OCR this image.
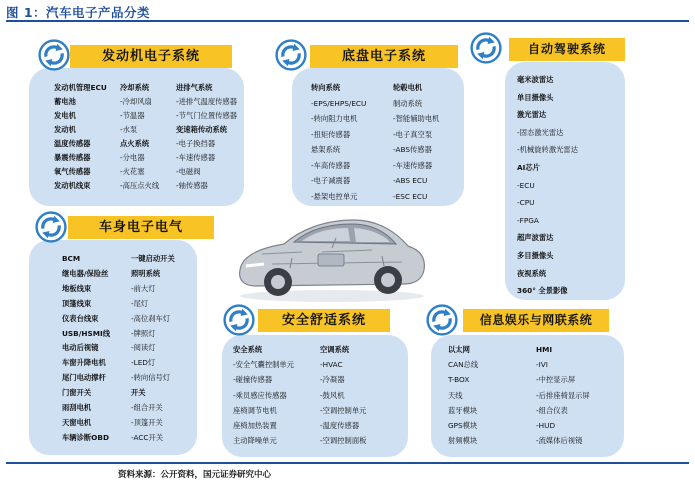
图 1：汽车电子产品分类
发动机电子系统
发动机管理ECU
蓄电池
发电机
发动机
温度传感器
暴震传感器
氧气传感器
发动机线束
冷却系统
-冷却风扇
-节温器
-水泵
点火系统
-分电器
-火花塞
-高压点火线
进排气系统
-进排气温度传感器
-节气门位置传感器
变速箱传动系统
-电子换挡器
-车速传感器
-电磁阀
-轴传感器
底盘电子系统
转向系统
-EPS/EHPS/ECU
-转向阻力电机
-扭矩传感器
悬架系统
-车高传感器
-电子减震器
-悬架电控单元
轮毂电机
制动系统
-智能辅助电机
-电子真空泵
-ABS传感器
-车速传感器
-ABS ECU
-ESC ECU
自动驾驶系统
毫米波雷达
单目摄像头
激光雷达
-固态激光雷达
-机械旋转激光雷达
AI芯片
-ECU
-CPU
-FPGA
超声波雷达
多目摄像头
夜视系统
360° 全景影像
车身电子电气
BCM
继电器/保险丝
地板线束
顶篷线束
仪表台线束
USB/HSMI线
电动后视镜
车窗升降电机
尾门电动撑杆
门窗开关
雨刮电机
天窗电机
车辆诊断OBD
一键启动开关
照明系统
-前大灯
-尾灯
-高位刹车灯
-牌照灯
-阅读灯
-LED灯
-转向信号灯
开关
-组合开关
-顶篷开关
-ACC开关
安全舒适系统
安全系统
-安全气囊控制单元
-碰撞传感器
-乘员感应传感器
座椅调节电机
座椅加热装置
主动降噪单元
空调系统
-HVAC
-冷凝器
-鼓风机
-空调控制单元
-温度传感器
-空调控制面板
信息娱乐与网联系统
以太网
CAN总线
T-BOX
天线
蓝牙模块
GPS模块
射频模块
HMI
-IVI
-中控显示屏
-后排座椅显示屏
-组合仪表
-HUD
-流媒体后视镜
资料来源：公开资料，国元证券研究中心
